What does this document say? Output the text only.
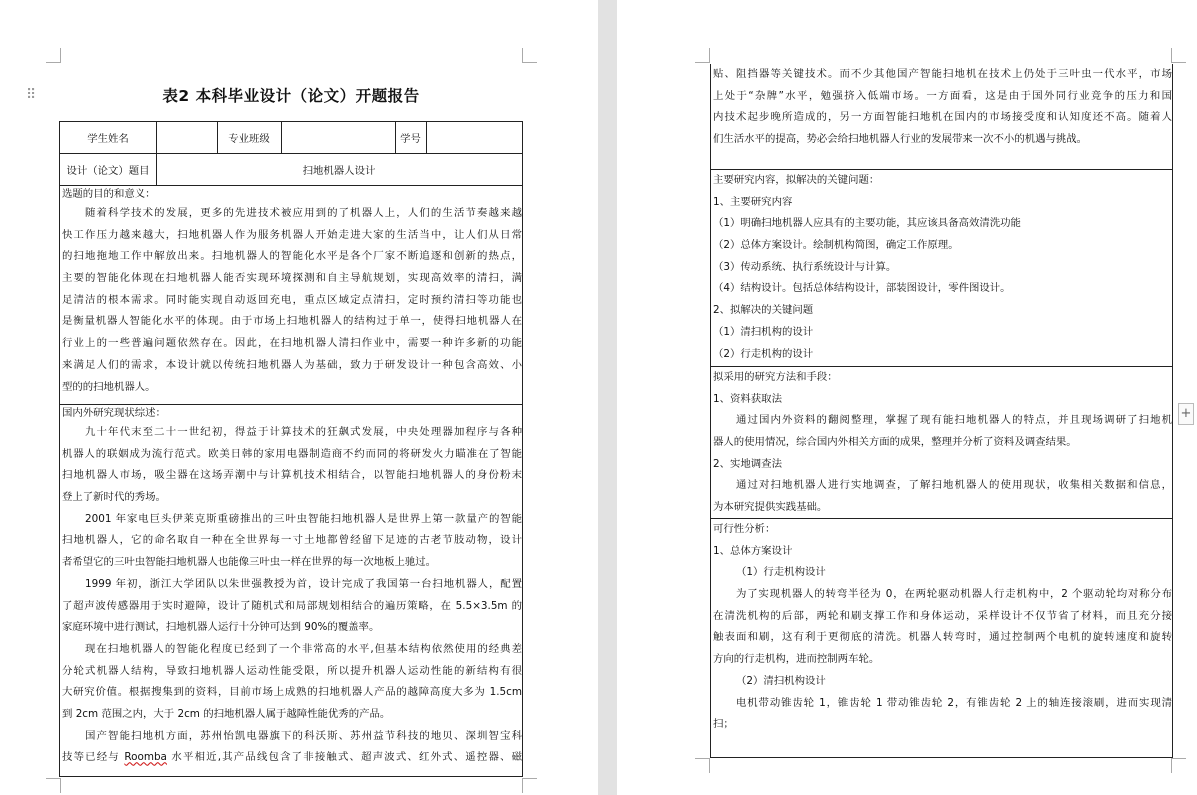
⠿	表2 本科毕业设计（论文）开题报告
学生姓名	专业班级	学号
设计（论文）题目	扫地机器人设计
选题的目的和意义：
随着科学技术的发展，更多的先进技术被应用到的了机器人上，人们的生活节奏越来越
快工作压力越来越大，扫地机器人作为服务机器人开始走进大家的生活当中，让人们从日常
的扫地拖地工作中解放出来。扫地机器人的智能化水平是各个厂家不断追逐和创新的热点，
主要的智能化体现在扫地机器人能否实现环境探测和自主导航规划，实现高效率的清扫，满
足清洁的根本需求。同时能实现自动返回充电，重点区域定点清扫，定时预约清扫等功能也
是衡量机器人智能化水平的体现。由于市场上扫地机器人的结构过于单一，使得扫地机器人在
行业上的一些普遍问题依然存在。因此，在扫地机器人清扫作业中，需要一种许多新的功能
来满足人们的需求，本设计就以传统扫地机器人为基础，致力于研发设计一种包含高效、小
型的的扫地机器人。
国内外研究现状综述：
九十年代末至二十一世纪初，得益于计算技术的狂飙式发展，中央处理器加程序与各种
机器人的联姻成为流行范式。欧美日韩的家用电器制造商不约而同的将研发火力瞄准在了智能
扫地机器人市场，吸尘器在这场弄潮中与计算机技术相结合，以智能扫地机器人的身份粉末
登上了新时代的秀场。
2001 年家电巨头伊莱克斯重磅推出的三叶虫智能扫地机器人是世界上第一款量产的智能
扫地机器人，它的命名取自一种在全世界每一寸土地都曾经留下足迹的古老节肢动物，设计
者希望它的三叶虫智能扫地机器人也能像三叶虫一样在世界的每一次地板上驰过。
1999 年初，浙江大学团队以朱世强教授为首，设计完成了我国第一台扫地机器人，配置
了超声波传感器用于实时避障，设计了随机式和局部规划相结合的遍历策略，在 5.5×3.5m 的
家庭环境中进行测试，扫地机器人运行十分钟可达到 90%的覆盖率。
现在扫地机器人的智能化程度已经到了一个非常高的水平,但基本结构依然使用的经典差
分轮式机器人结构，导致扫地机器人运动性能受限，所以提升机器人运动性能的新结构有很
大研究价值。根据搜集到的资料，目前市场上成熟的扫地机器人产品的越障高度大多为 1.5cm
到 2cm 范围之内，大于 2cm 的扫地机器人属于越障性能优秀的产品。
国产智能扫地机方面，苏州怡凯电器旗下的科沃斯、苏州益节科技的地贝、深圳智宝科
技等已经与 Roomba 水平相近,其产品线包含了非接触式、超声波式、红外式、遥控器、磁
贴、阻挡器等关键技术。而不少其他国产智能扫地机在技术上仍处于三叶虫一代水平，市场
上处于“杂牌”水平，勉强挤入低端市场。一方面看，这是由于国外同行业竞争的压力和国
内技术起步晚所造成的，另一方面智能扫地机在国内的市场接受度和认知度还不高。随着人
们生活水平的提高，势必会给扫地机器人行业的发展带来一次不小的机遇与挑战。
主要研究内容，拟解决的关键问题：
1、主要研究内容
（1）明确扫地机器人应具有的主要功能，其应该具备高效清洗功能
（2）总体方案设计。绘制机构简图，确定工作原理。
（3）传动系统、执行系统设计与计算。
（4）结构设计。包括总体结构设计，部装图设计，零件图设计。
2、拟解决的关键问题
（1）清扫机构的设计
（2）行走机构的设计
拟采用的研究方法和手段：
1、资料获取法
通过国内外资料的翻阅整理，掌握了现有能扫地机器人的特点，并且现场调研了扫地机
器人的使用情况，综合国内外相关方面的成果，整理并分析了资料及调查结果。
2、实地调查法
通过对扫地机器人进行实地调查，了解扫地机器人的使用现状，收集相关数据和信息，
为本研究提供实践基础。
可行性分析：
1、总体方案设计
（1）行走机构设计
为了实现机器人的转弯半径为 0，在两轮驱动机器人行走机构中，2 个驱动轮均对称分布
在清洗机构的后部，两轮和刷支撑工作和身体运动，采样设计不仅节省了材料，而且充分接
触表面和刷，这有利于更彻底的清洗。机器人转弯时，通过控制两个电机的旋转速度和旋转
方向的行走机构，进而控制两车轮。
（2）清扫机构设计
电机带动锥齿轮 1，锥齿轮 1 带动锥齿轮 2，有锥齿轮 2 上的轴连接滚刷，进而实现清
扫；
+
